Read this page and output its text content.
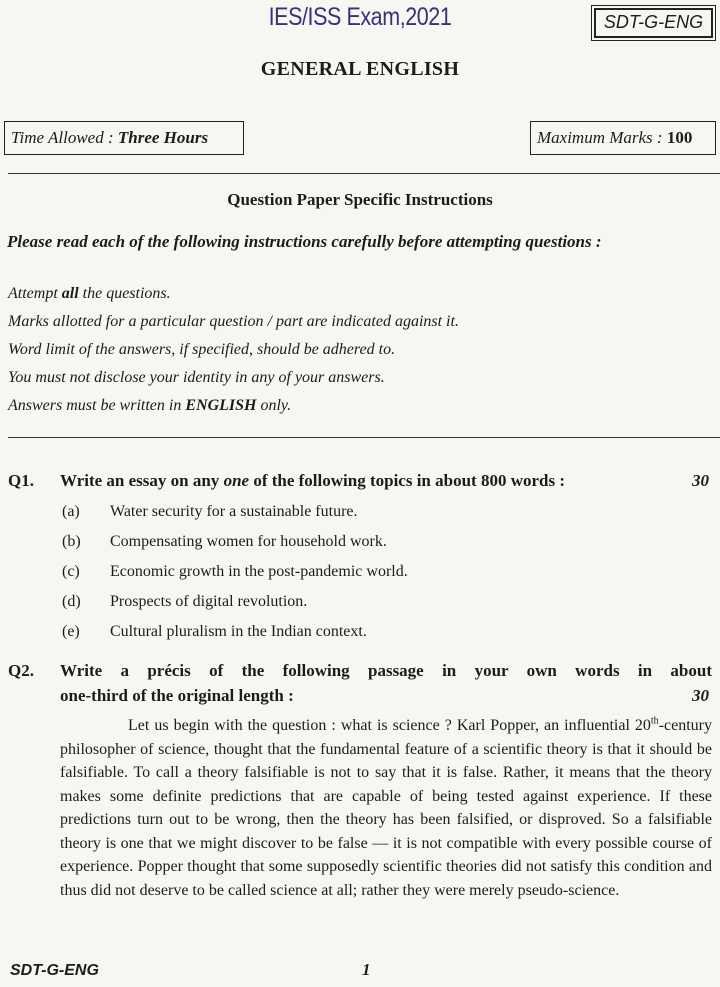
IES/ISS Exam,2021	SDT-G-ENG
GENERAL ENGLISH
Time Allowed : Three Hours	Maximum Marks : 100
Question Paper Specific Instructions
Please read each of the following instructions carefully before attempting questions :
Attempt all the questions.
Marks allotted for a particular question / part are indicated against it.
Word limit of the answers, if specified, should be adhered to.
You must not disclose your identity in any of your answers.
Answers must be written in ENGLISH only.
Q1. Write an essay on any one of the following topics in about 800 words :	30
(a) Water security for a sustainable future.
(b) Compensating women for household work.
(c) Economic growth in the post-pandemic world.
(d) Prospects of digital revolution.
(e) Cultural pluralism in the Indian context.
Q2. Write a précis of the following passage in your own words in about
one-third of the original length :	30
Let us begin with the question : what is science ? Karl Popper, an influential 20th-century philosopher of science, thought that the fundamental feature of a scientific theory is that it should be falsifiable. To call a theory falsifiable is not to say that it is false. Rather, it means that the theory makes some definite predictions that are capable of being tested against experience. If these predictions turn out to be wrong, then the theory has been falsified, or disproved. So a falsifiable theory is one that we might discover to be false — it is not compatible with every possible course of experience. Popper thought that some supposedly scientific theories did not satisfy this condition and thus did not deserve to be called science at all; rather they were merely pseudo-science.
SDT-G-ENG	1
